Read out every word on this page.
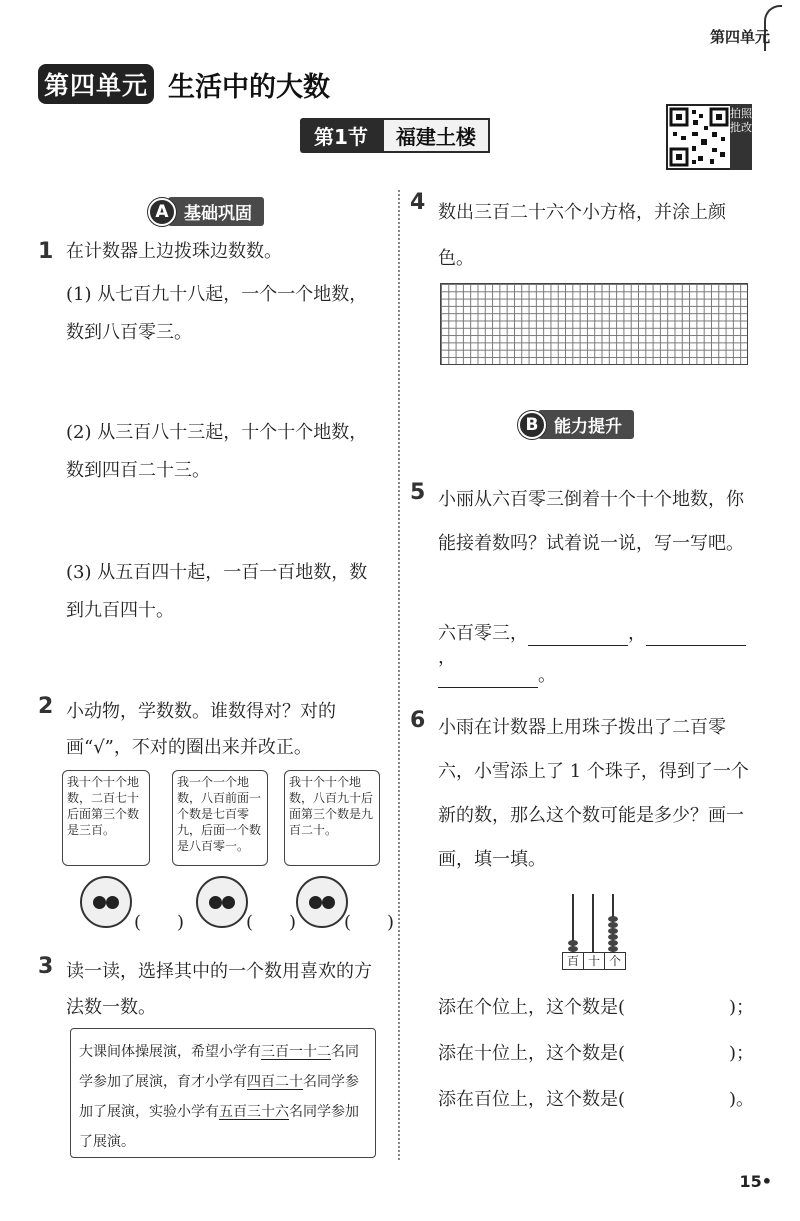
第四单元
第四单元 生活中的大数
第1节	福建土楼
拍照批改
A 基础巩固
1 在计数器上边拨珠边数数。
(1) 从七百九十八起，一个一个地数，数到八百零三。
(2) 从三百八十三起，十个十个地数，数到四百二十三。
(3) 从五百四十起，一百一百地数，数到九百四十。
2 小动物，学数数。谁数得对？对的画“√”，不对的圈出来并改正。
我十个十个地数，二百七十后面第三个数是三百。
我一个一个地数，八百前面一个数是七百零九，后面一个数是八百零一。
我十个十个地数，八百九十后面第三个数是九百二十。
(　　)	(　　)	(　　)
3 读一读，选择其中的一个数用喜欢的方法数一数。
大课间体操展演，希望小学有三百一十二名同学参加了展演，育才小学有四百二十名同学参加了展演，实验小学有五百三十六名同学参加了展演。
4 数出三百二十六个小方格，并涂上颜色。
B 能力提升
5 小丽从六百零三倒着十个十个地数，你能接着数吗？试着说一说，写一写吧。
六百零三，	，，
。
6 小雨在计数器上用珠子拨出了二百零六，小雪添上了 1 个珠子，得到了一个新的数，那么这个数可能是多少？画一画，填一填。
百 十 个
添在个位上，这个数是(	)；
添在十位上，这个数是(	)；
添在百位上，这个数是(	)。
15•
